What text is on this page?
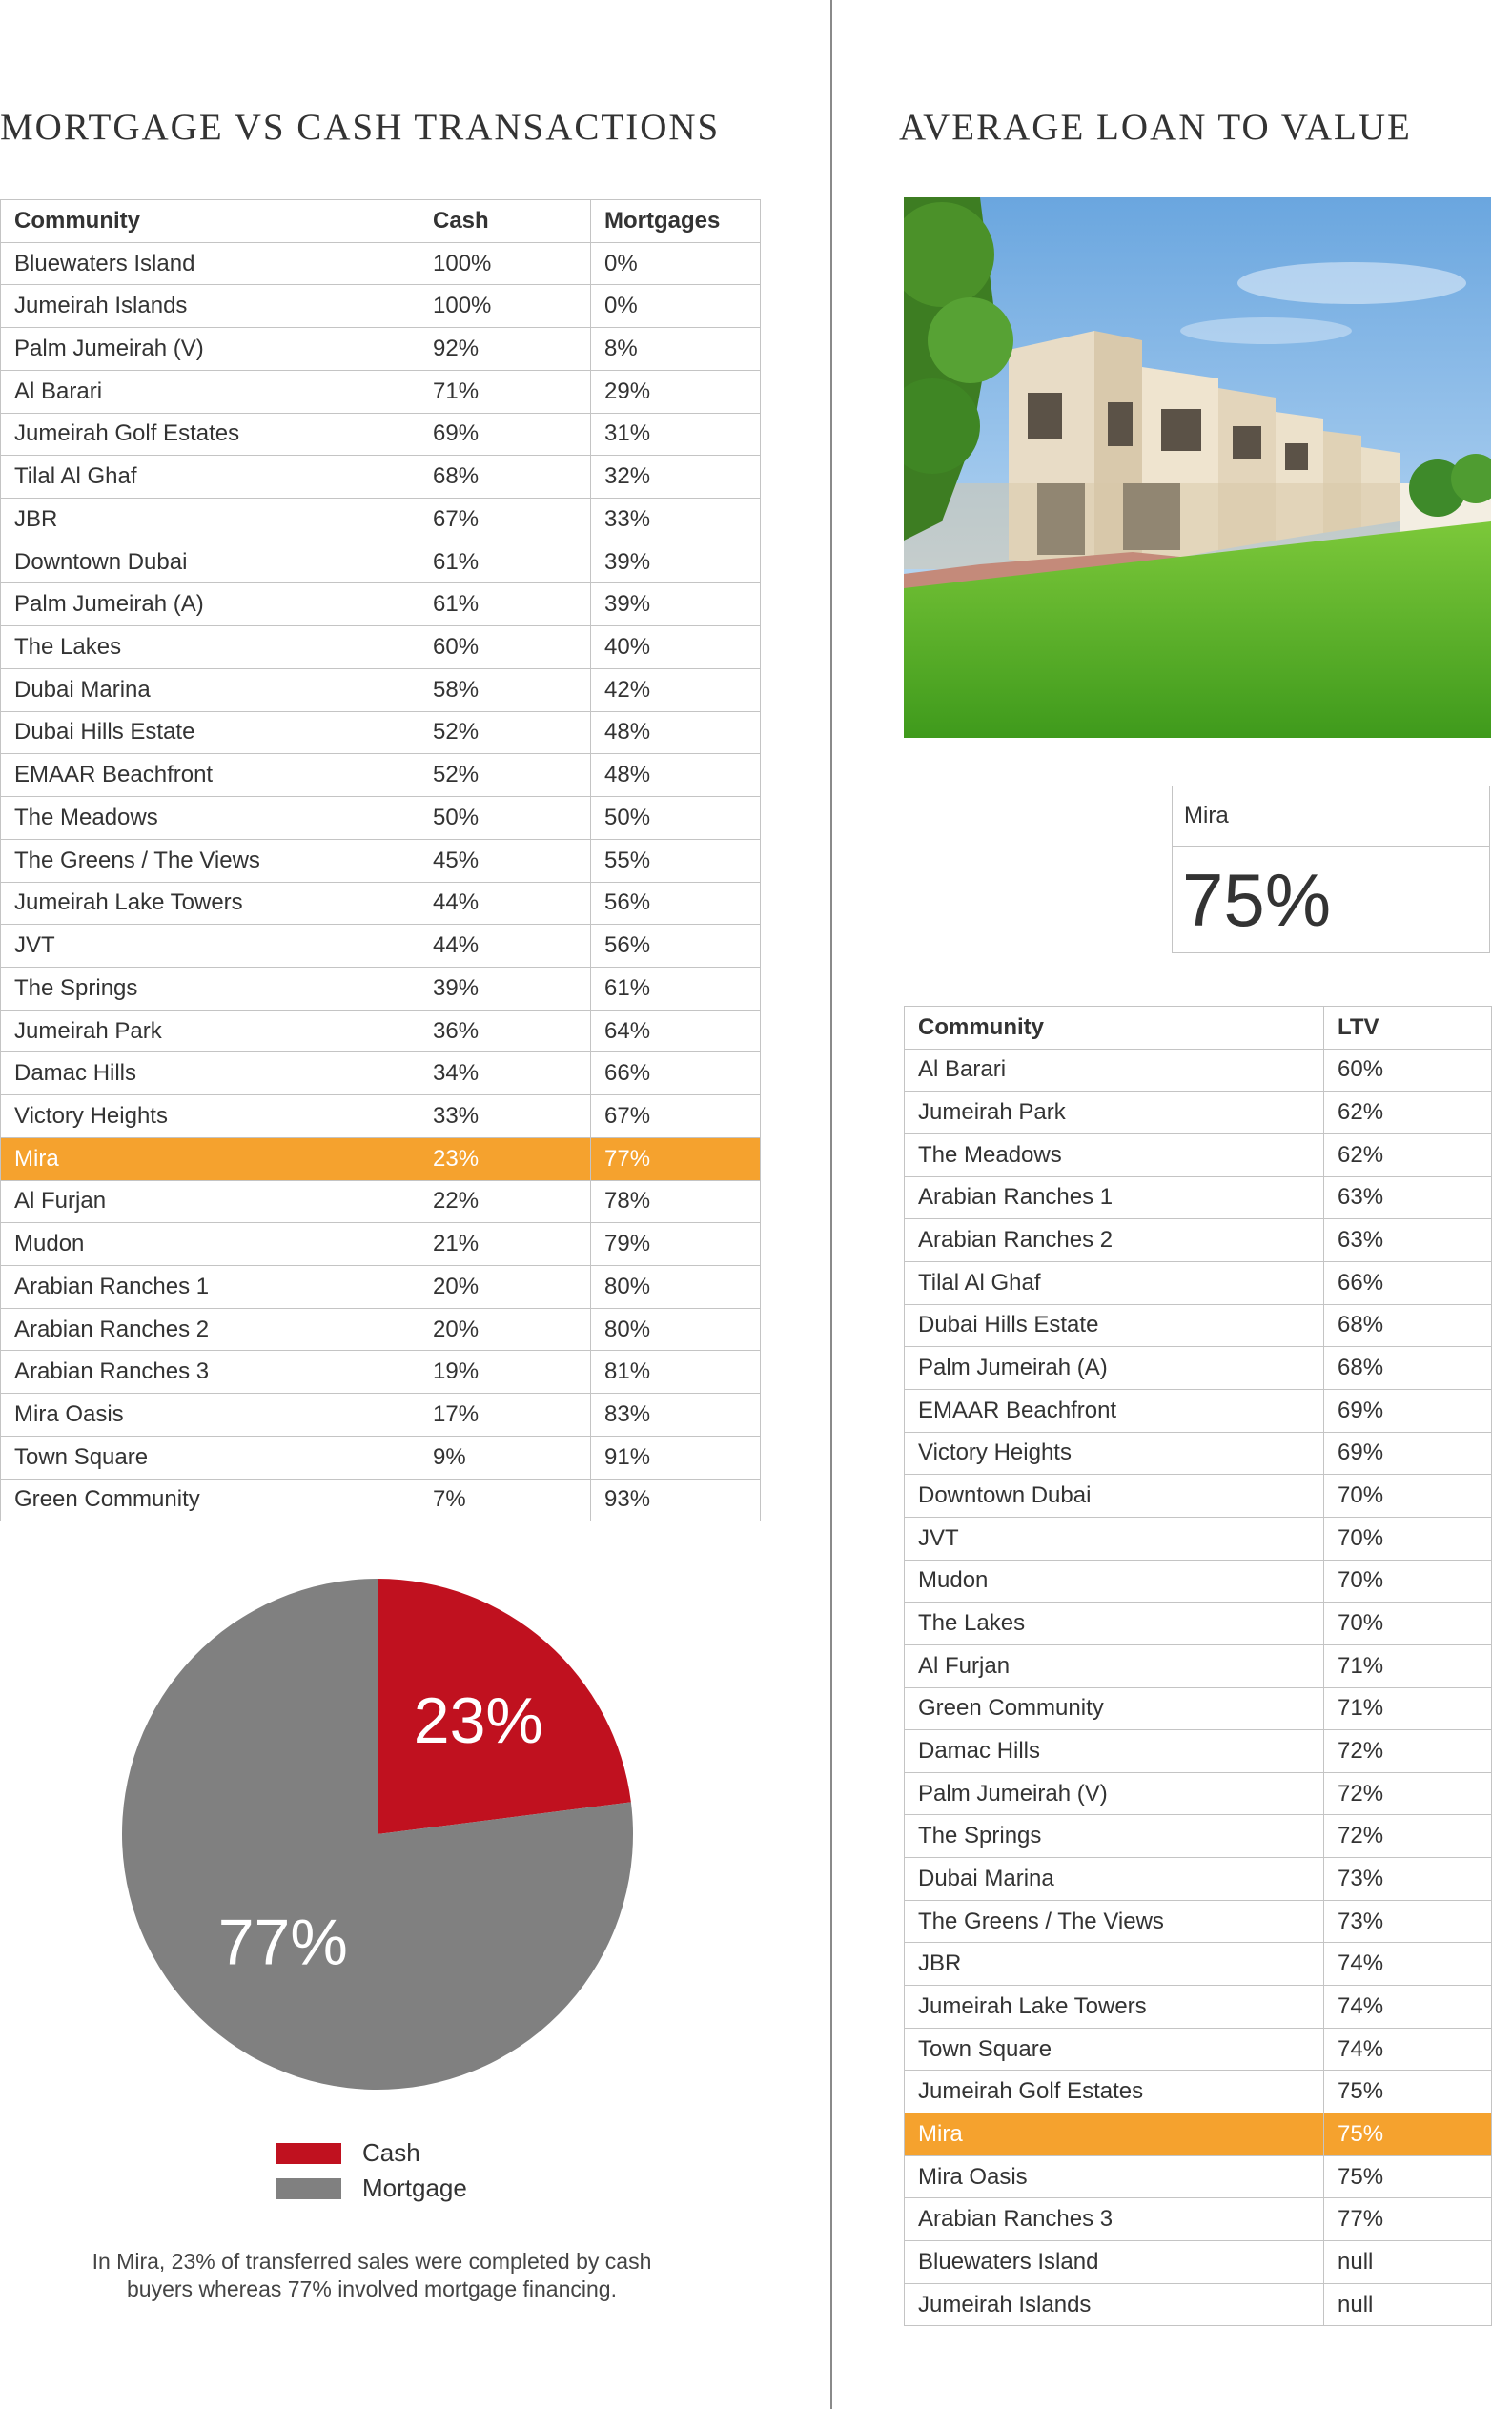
MORTGAGE VS CASH TRANSACTIONS	AVERAGE LOAN TO VALUE
Community	Cash	Mortgages
Bluewaters Island	100%	0%
Jumeirah Islands	100%	0%
Palm Jumeirah (V)	92%	8%
Al Barari	71%	29%
Jumeirah Golf Estates	69%	31%
Tilal Al Ghaf	68%	32%
JBR	67%	33%
Downtown Dubai	61%	39%
Palm Jumeirah (A)	61%	39%
The Lakes	60%	40%
Dubai Marina	58%	42%
Dubai Hills Estate	52%	48%
EMAAR Beachfront	52%	48%
The Meadows	50%	50%
The Greens / The Views	45%	55%
Jumeirah Lake Towers	44%	56%
JVT	44%	56%
The Springs	39%	61%
Jumeirah Park	36%	64%
Damac Hills	34%	66%
Victory Heights	33%	67%
Mira	23%	77%
Al Furjan	22%	78%
Mudon	21%	79%
Arabian Ranches 1	20%	80%
Arabian Ranches 2	20%	80%
Arabian Ranches 3	19%	81%
Mira Oasis	17%	83%
Town Square	9%	91%
Green Community	7%	93%
Mira
75%
Community	LTV
Al Barari	60%
Jumeirah Park	62%
The Meadows	62%
Arabian Ranches 1	63%
Arabian Ranches 2	63%
Tilal Al Ghaf	66%
Dubai Hills Estate	68%
Palm Jumeirah (A)	68%
EMAAR Beachfront	69%
Victory Heights	69%
Downtown Dubai	70%
JVT	70%
Mudon	70%
The Lakes	70%
Al Furjan	71%
Green Community	71%
Damac Hills	72%
Palm Jumeirah (V)	72%
The Springs	72%
Dubai Marina	73%
The Greens / The Views	73%
JBR	74%
Jumeirah Lake Towers	74%
Town Square	74%
Jumeirah Golf Estates	75%
Mira	75%
Mira Oasis	75%
Arabian Ranches 3	77%
Bluewaters Island	null
Jumeirah Islands	null
23%
77%
Cash
Mortgage
In Mira, 23% of transferred sales were completed by cash buyers whereas 77% involved mortgage financing.
